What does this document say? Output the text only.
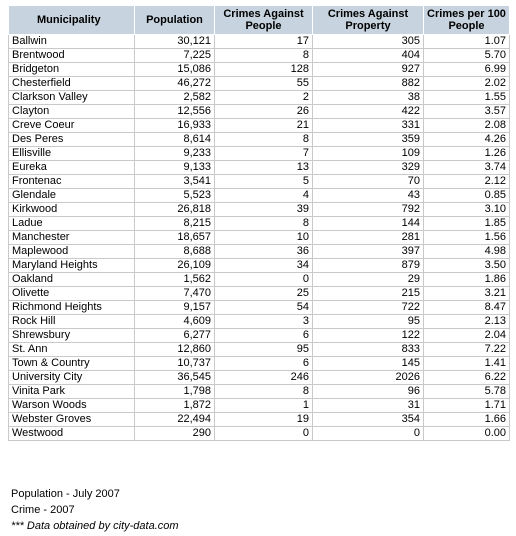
Municipality	Population	Crimes Against People	Crimes Against Property	Crimes per 100 People
Ballwin	30,121	17	305	1.07
Brentwood	7,225	8	404	5.70
Bridgeton	15,086	128	927	6.99
Chesterfield	46,272	55	882	2.02
Clarkson Valley	2,582	2	38	1.55
Clayton	12,556	26	422	3.57
Creve Coeur	16,933	21	331	2.08
Des Peres	8,614	8	359	4.26
Ellisville	9,233	7	109	1.26
Eureka	9,133	13	329	3.74
Frontenac	3,541	5	70	2.12
Glendale	5,523	4	43	0.85
Kirkwood	26,818	39	792	3.10
Ladue	8,215	8	144	1.85
Manchester	18,657	10	281	1.56
Maplewood	8,688	36	397	4.98
Maryland Heights	26,109	34	879	3.50
Oakland	1,562	0	29	1.86
Olivette	7,470	25	215	3.21
Richmond Heights	9,157	54	722	8.47
Rock Hill	4,609	3	95	2.13
Shrewsbury	6,277	6	122	2.04
St. Ann	12,860	95	833	7.22
Town & Country	10,737	6	145	1.41
University City	36,545	246	2026	6.22
Vinita Park	1,798	8	96	5.78
Warson Woods	1,872	1	31	1.71
Webster Groves	22,494	19	354	1.66
Westwood	290	0	0	0.00
Population - July 2007
Crime - 2007
*** Data obtained by city-data.com
